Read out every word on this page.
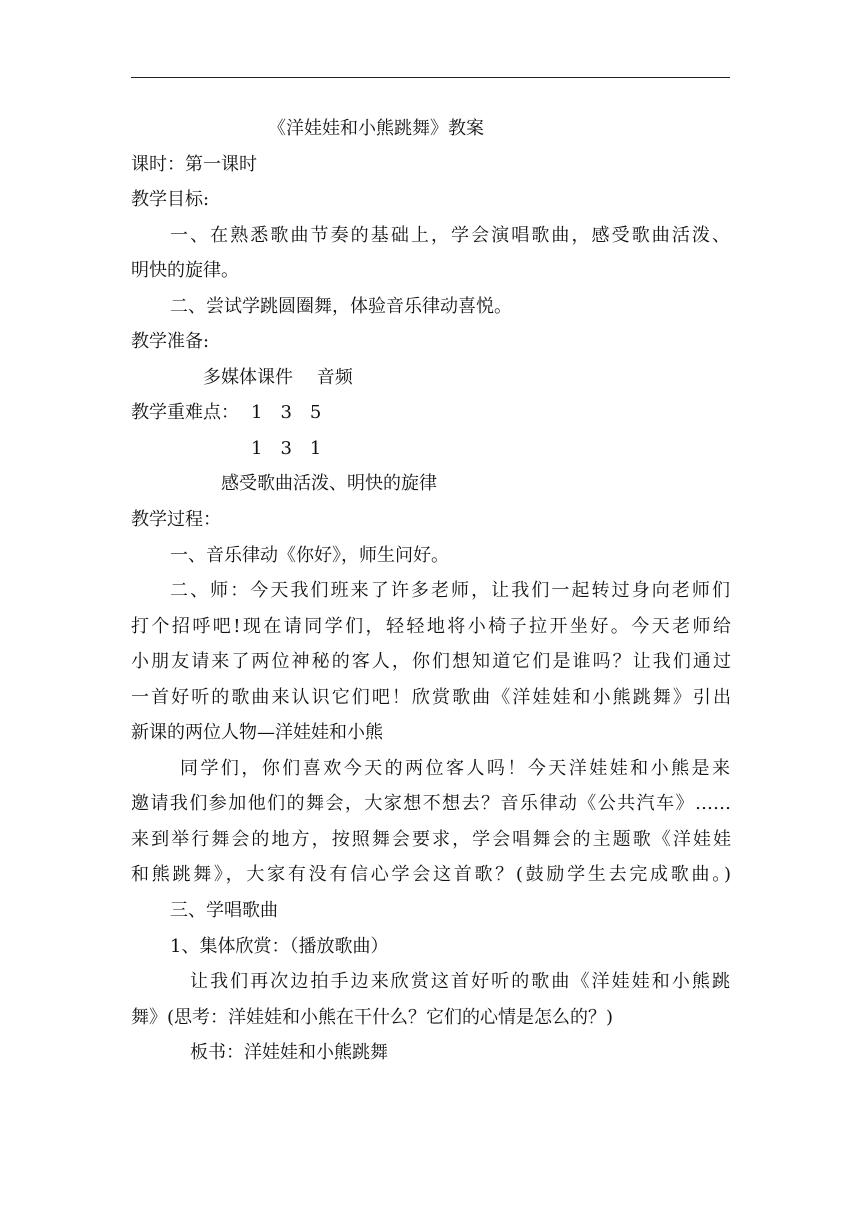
《洋娃娃和小熊跳舞》教案
课时：第一课时
教学目标:
一、在熟悉歌曲节奏的基础上，学会演唱歌曲，感受歌曲活泼、
明快的旋律。
二、尝试学跳圆圈舞，体验音乐律动喜悦。
教学准备:
多媒体课件　 音频
教学重难点： 1　3　5
1　3　1
感受歌曲活泼、明快的旋律
教学过程：
一、音乐律动《你好》，师生问好。
二、师：今天我们班来了许多老师，让我们一起转过身向老师们
打个招呼吧!现在请同学们，轻轻地将小椅子拉开坐好。今天老师给
小朋友请来了两位神秘的客人，你们想知道它们是谁吗？让我们通过
一首好听的歌曲来认识它们吧！欣赏歌曲《洋娃娃和小熊跳舞》引出
新课的两位人物—洋娃娃和小熊
同学们，你们喜欢今天的两位客人吗！今天洋娃娃和小熊是来
邀请我们参加他们的舞会，大家想不想去？音乐律动《公共汽车》……
来到举行舞会的地方，按照舞会要求，学会唱舞会的主题歌《洋娃娃
和熊跳舞》，大家有没有信心学会这首歌？(鼓励学生去完成歌曲。)
三、学唱歌曲
1、集体欣赏：（播放歌曲）
让我们再次边拍手边来欣赏这首好听的歌曲《洋娃娃和小熊跳
舞》(思考：洋娃娃和小熊在干什么？它们的心情是怎么的？)
板书：洋娃娃和小熊跳舞
